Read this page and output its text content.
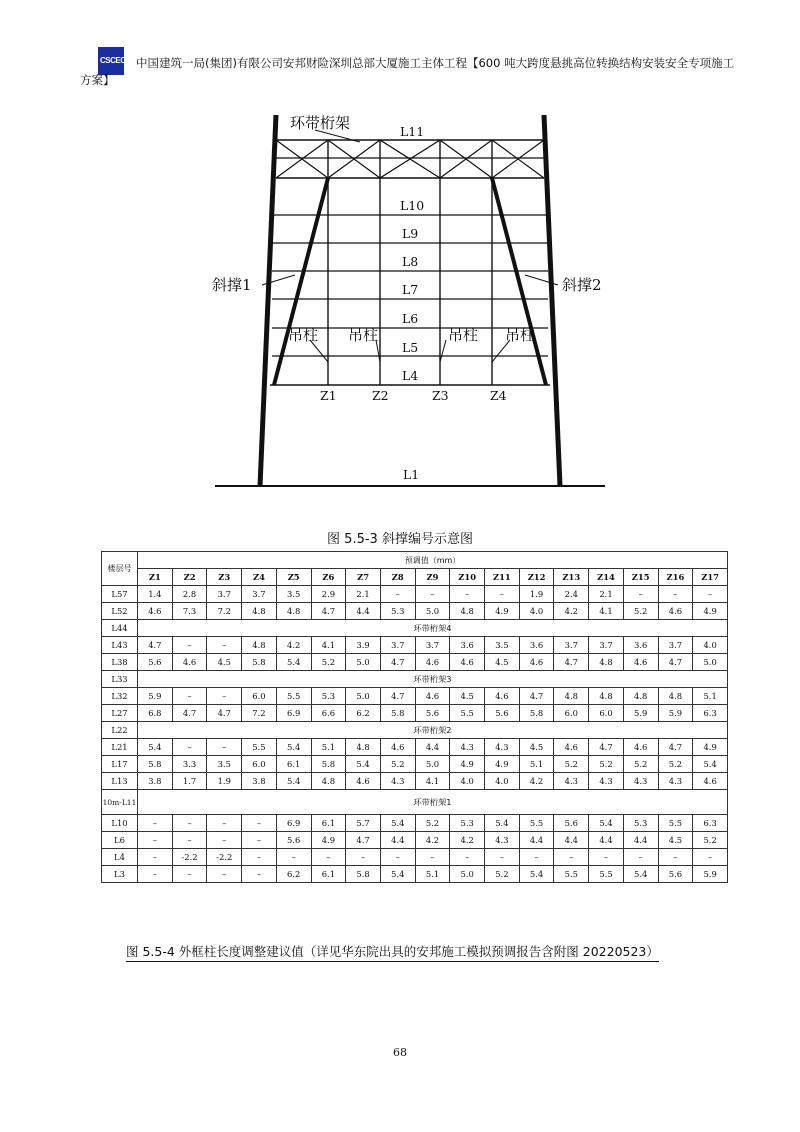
CSCEC 中国建筑一局(集团)有限公司安邦财险深圳总部大厦施工主体工程【600 吨大跨度悬挑高位转换结构安装安全专项施工
方案】
环带桁架
斜撑1	斜撑2
吊柱 吊柱	吊柱 吊柱
L11
L10
L9
L8
L7
L6
L5
L4
Z1	Z2	Z3	Z4
L1
图 5.5-3 斜撑编号示意图
楼层号	预调值（mm）																
	Z1	Z2	Z3	Z4	Z5	Z6	Z7	Z8	Z9	Z10	Z11	Z12	Z13	Z14	Z15	Z16	Z17
L57	1.4	2.8	3.7	3.7	3.5	2.9	2.1	–	–	–	–	1.9	2.4	2.1	–	–	–
L52	4.6	7.3	7.2	4.8	4.8	4.7	4.4	5.3	5.0	4.8	4.9	4.0	4.2	4.1	5.2	4.6	4.9
L44	环带桁架4																
L43	4.7	–	–	4.8	4.2	4.1	3.9	3.7	3.7	3.6	3.5	3.6	3.7	3.7	3.6	3.7	4.0
L38	5.6	4.6	4.5	5.8	5.4	5.2	5.0	4.7	4.6	4.6	4.5	4.6	4.7	4.8	4.6	4.7	5.0
L33	环带桁架3																
L32	5.9	–	–	6.0	5.5	5.3	5.0	4.7	4.6	4.5	4.6	4.7	4.8	4.8	4.8	4.8	5.1
L27	6.8	4.7	4.7	7.2	6.9	6.6	6.2	5.8	5.6	5.5	5.6	5.8	6.0	6.0	5.9	5.9	6.3
L22	环带桁架2																
L21	5.4	–	–	5.5	5.4	5.1	4.8	4.6	4.4	4.3	4.3	4.5	4.6	4.7	4.6	4.7	4.9
L17	5.8	3.3	3.5	6.0	6.1	5.8	5.4	5.2	5.0	4.9	4.9	5.1	5.2	5.2	5.2	5.2	5.4
L13	3.8	1.7	1.9	3.8	5.4	4.8	4.6	4.3	4.1	4.0	4.0	4.2	4.3	4.3	4.3	4.3	4.6
10m-L11	环带桁架1																
L10	–	–	–	–	6.9	6.1	5.7	5.4	5.2	5.3	5.4	5.5	5.6	5.4	5.3	5.5	6.3
L6	–	–	–	–	5.6	4.9	4.7	4.4	4.2	4.2	4.3	4.4	4.4	4.4	4.4	4.5	5.2
L4	–	-2.2	-2.2	–	–	–	–	–	–	–	–	–	–	–	–	–	–
L3	–	–	–	–	6.2	6.1	5.8	5.4	5.1	5.0	5.2	5.4	5.5	5.5	5.4	5.6	5.9
图 5.5-4 外框柱长度调整建议值（详见华东院出具的安邦施工模拟预调报告含附图 20220523）
68
